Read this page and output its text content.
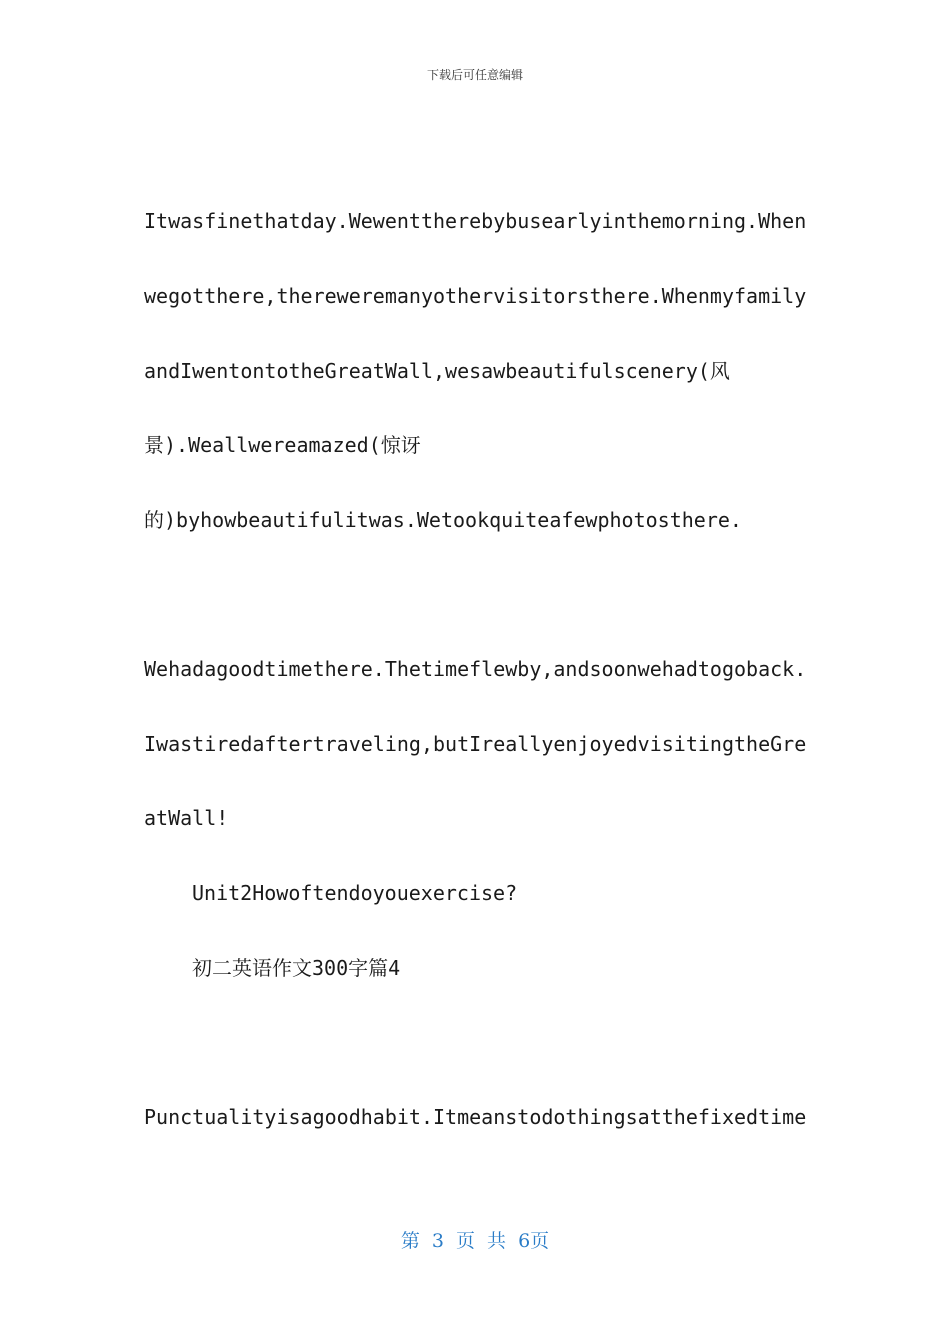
下载后可任意编辑
Itwasfinethatday.Wewenttherebybusearlyinthemorning.When
wegotthere,thereweremanyothervisitorsthere.Whenmyfamily
andIwentontotheGreatWall,wesawbeautifulscenery(风
景).Weallwereamazed(惊讶
的)byhowbeautifulitwas.Wetookquiteafewphotosthere.
Wehadagoodtimethere.Thetimeflewby,andsoonwehadtogoback.
Iwastiredaftertraveling,butIreallyenjoyedvisitingtheGre
atWall!
Unit2Howoftendoyouexercise?
初二英语作文300字篇4
Punctualityisagoodhabit.Itmeanstodothingsatthefixedtime
第 3 页 共 6页
